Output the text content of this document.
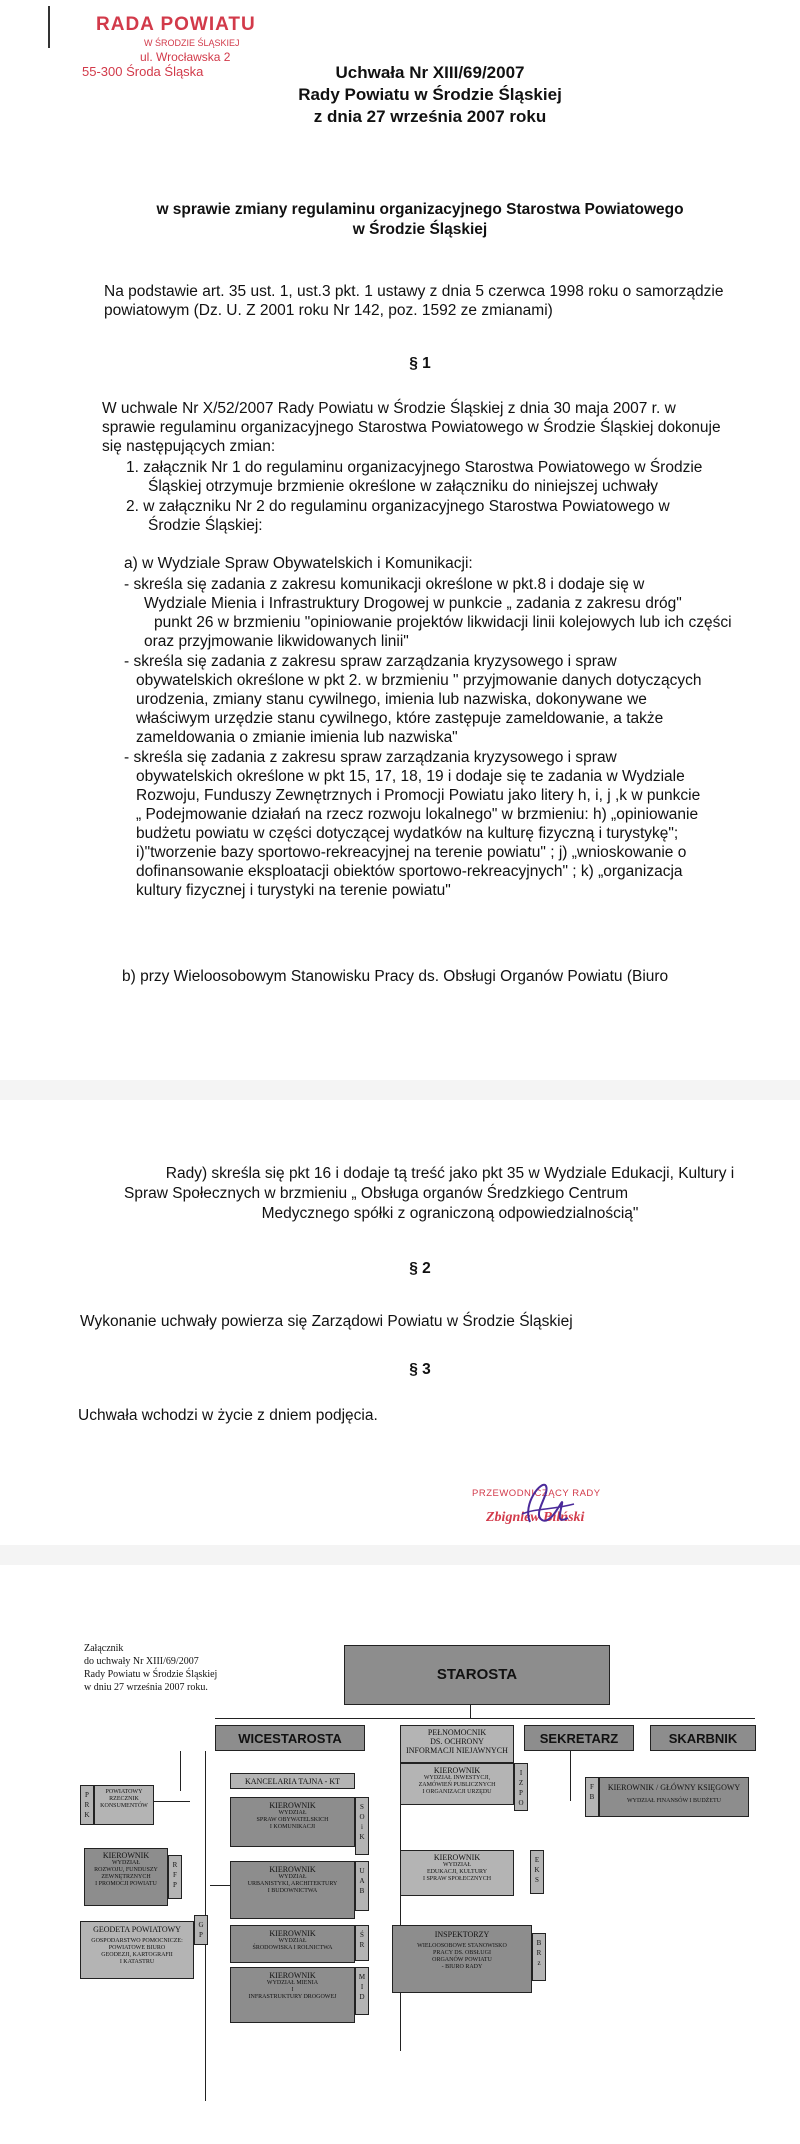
RADA POWIATU
W ŚRODZIE ŚLĄSKIEJ
ul. Wrocławska 2
55-300 Środa Śląska	Uchwała Nr XIII/69/2007
Rady Powiatu w Środzie Śląskiej
z dnia 27 września 2007 roku
w sprawie zmiany regulaminu organizacyjnego Starostwa Powiatowego
w Środzie Śląskiej
Na podstawie art. 35 ust. 1, ust.3 pkt. 1 ustawy z dnia 5 czerwca 1998 roku o samorządzie
powiatowym (Dz. U. Z 2001 roku Nr 142, poz. 1592 ze zmianami)
§ 1
W uchwale Nr X/52/2007 Rady Powiatu w Środzie Śląskiej z dnia 30 maja 2007 r. w
sprawie regulaminu organizacyjnego Starostwa Powiatowego w Środzie Śląskiej dokonuje
się następujących zmian:
1. załącznik Nr 1 do regulaminu organizacyjnego Starostwa Powiatowego w Środzie
Śląskiej otrzymuje brzmienie określone w załączniku do niniejszej uchwały
2. w załączniku Nr 2 do regulaminu organizacyjnego Starostwa Powiatowego w
Środzie Śląskiej:
a) w Wydziale Spraw Obywatelskich i Komunikacji:
- skreśla się zadania z zakresu komunikacji określone w pkt.8 i dodaje się w
Wydziale Mienia i Infrastruktury Drogowej w punkcie „ zadania z zakresu dróg"
punkt 26 w brzmieniu "opiniowanie projektów likwidacji linii kolejowych lub ich części
oraz przyjmowanie likwidowanych linii"
- skreśla się zadania z zakresu spraw zarządzania kryzysowego i spraw
obywatelskich określone w pkt 2. w brzmieniu " przyjmowanie danych dotyczących
urodzenia, zmiany stanu cywilnego, imienia lub nazwiska, dokonywane we
właściwym urzędzie stanu cywilnego, które zastępuje zameldowanie, a także
zameldowania o zmianie imienia lub nazwiska"
- skreśla się zadania z zakresu spraw zarządzania kryzysowego i spraw
obywatelskich określone w pkt 15, 17, 18, 19 i dodaje się te zadania w Wydziale
Rozwoju, Funduszy Zewnętrznych i Promocji Powiatu jako litery h, i, j ,k w punkcie
„ Podejmowanie działań na rzecz rozwoju lokalnego" w brzmieniu: h) „opiniowanie
budżetu powiatu w części dotyczącej wydatków na kulturę fizyczną i turystykę";
i)"tworzenie bazy sportowo-rekreacyjnej na terenie powiatu" ; j) „wnioskowanie o
dofinansowanie eksploatacji obiektów sportowo-rekreacyjnych" ; k) „organizacja
kultury fizycznej i turystyki na terenie powiatu"
b) przy Wieloosobowym Stanowisku Pracy ds. Obsługi Organów Powiatu (Biuro
Rady) skreśla się pkt 16 i dodaje tą treść jako pkt 35 w Wydziale Edukacji, Kultury i
Spraw Społecznych w brzmieniu „ Obsługa organów Średzkiego Centrum
Medycznego spółki z ograniczoną odpowiedzialnością"
§ 2
Wykonanie uchwały powierza się Zarządowi Powiatu w Środzie Śląskiej
§ 3
Uchwała wchodzi w życie z dniem podjęcia.
PRZEWODNICZĄCY RADY
Zbigniew Bilński
Załącznik
do uchwały Nr XIII/69/2007
Rady Powiatu w Środzie Śląskiej
w dniu 27 września 2007 roku.
STAROSTA
WICESTAROSTA	PEŁNOMOCNIK
DS. OCHRONY
INFORMACJI NIEJAWNYCH
SEKRETARZ	SKARBNIK
P
R
K
POWIATOWY
RZECZNIK
KONSUMENTÓW
KANCELARIA TAJNA - KT
KIEROWNIK
WYDZIAŁ
SPRAW OBYWATELSKICH
I KOMUNIKACJI
S
O
i
K
KIEROWNIK
WYDZIAŁ INWESTYCJI,
ZAMÓWIEŃ PUBLICZNYCH
I ORGANIZACJI URZĘDU
I
Z
P
O
F
B
KIEROWNIK / GŁÓWNY KSIĘGOWY
WYDZIAŁ FINANSÓW I BUDŻETU
KIEROWNIK
WYDZIAŁ
ROZWOJU, FUNDUSZY
ZEWNĘTRZNYCH
I PROMOCJI POWIATU
R
F
P
KIEROWNIK
WYDZIAŁ
URBANISTYKI, ARCHITEKTURY
I BUDOWNICTWA
U
A
B
KIEROWNIK
WYDZIAŁ
EDUKACJI, KULTURY
I SPRAW SPOŁECZNYCH
E
K
S
GEODETA POWIATOWY
GOSPODARSTWO POMOCNICZE:
POWIATOWE BIURO
GEODEZJI, KARTOGRAFII
I KATASTRU
G
P	KIEROWNIK
WYDZIAŁ
ŚRODOWISKA I ROLNICTWA
Ś
R
INSPEKTORZY
WIELOOSOBOWE STANOWISKO
PRACY DS. OBSŁUGI
ORGANÓW POWIATU
- BIURO RADY
B
R
z
KIEROWNIK
WYDZIAŁ MIENIA
I
INFRASTRUKTURY DROGOWEJ
M
I
D
